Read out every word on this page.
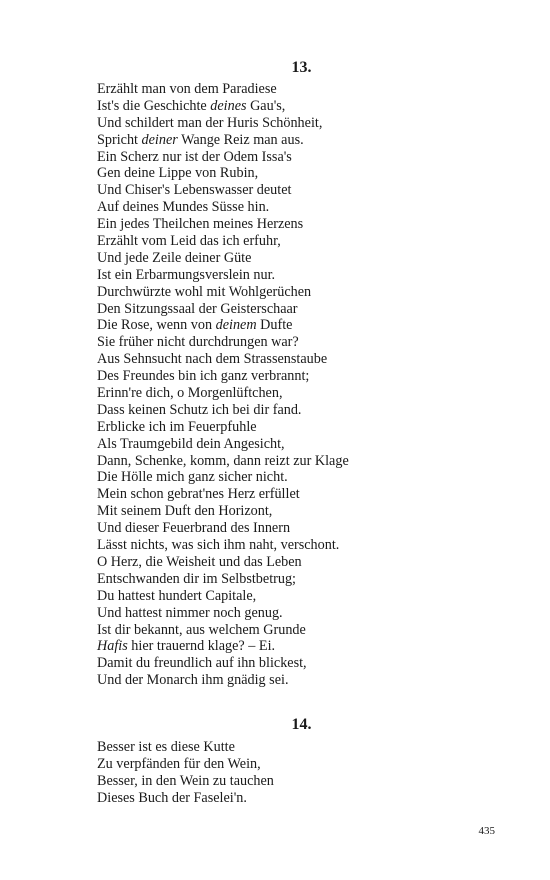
13.
Erzählt man von dem Paradiese
Ist's die Geschichte deines Gau's,
Und schildert man der Huris Schönheit,
Spricht deiner Wange Reiz man aus.
Ein Scherz nur ist der Odem Issa's
Gen deine Lippe von Rubin,
Und Chiser's Lebenswasser deutet
Auf deines Mundes Süsse hin.
Ein jedes Theilchen meines Herzens
Erzählt vom Leid das ich erfuhr,
Und jede Zeile deiner Güte
Ist ein Erbarmungsverslein nur.
Durchwürzte wohl mit Wohlgerüchen
Den Sitzungssaal der Geisterschaar
Die Rose, wenn von deinem Dufte
Sie früher nicht durchdrungen war?
Aus Sehnsucht nach dem Strassenstaube
Des Freundes bin ich ganz verbrannt;
Erinn're dich, o Morgenlüftchen,
Dass keinen Schutz ich bei dir fand.
Erblicke ich im Feuerpfuhle
Als Traumgebild dein Angesicht,
Dann, Schenke, komm, dann reizt zur Klage
Die Hölle mich ganz sicher nicht.
Mein schon gebrat'nes Herz erfüllet
Mit seinem Duft den Horizont,
Und dieser Feuerbrand des Innern
Lässt nichts, was sich ihm naht, verschont.
O Herz, die Weisheit und das Leben
Entschwanden dir im Selbstbetrug;
Du hattest hundert Capitale,
Und hattest nimmer noch genug.
Ist dir bekannt, aus welchem Grunde
Hafis hier trauernd klage? – Ei.
Damit du freundlich auf ihn blickest,
Und der Monarch ihm gnädig sei.
14.
Besser ist es diese Kutte
Zu verpfänden für den Wein,
Besser, in den Wein zu tauchen
Dieses Buch der Faselei'n.
435
